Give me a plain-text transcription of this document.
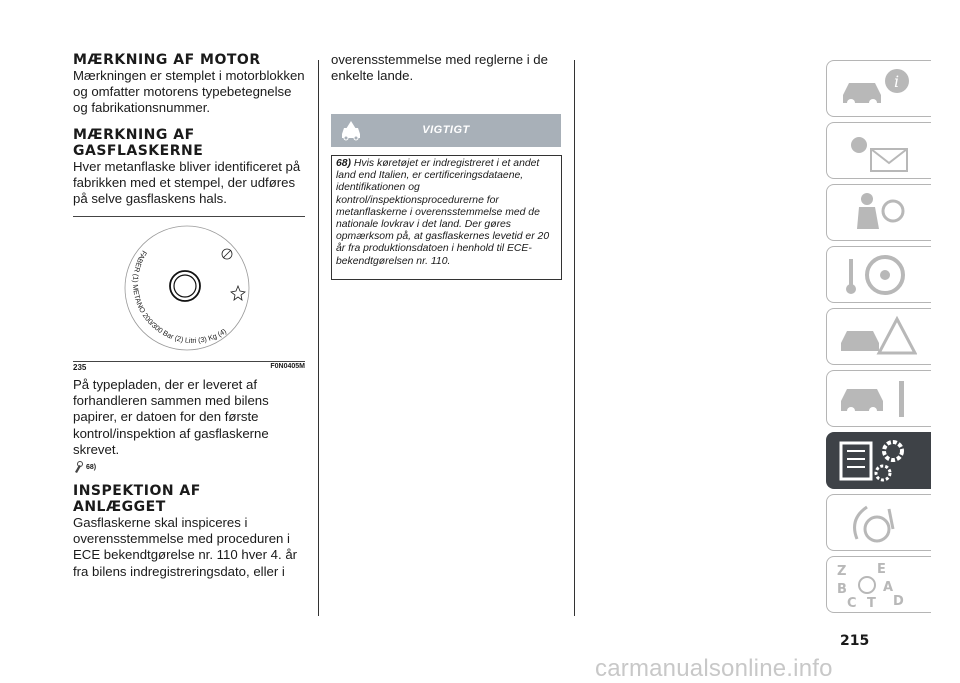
MÆRKNING AF MOTOR

Mærkningen er stemplet i motorblokken og omfatter motorens typebetegnelse og fabrikationsnummer.

MÆRKNING AF GASFLASKERNE

Hver metanflaske bliver identificeret på fabrikken med et stempel, der udføres på selve gasflaskens hals.

FABER (1) METANO 200/300 Bar (2) Litri (3) Kg (4)
235	F0N0405M

På typepladen, der er leveret af forhandleren sammen med bilens papirer, er datoen for den første kontrol/inspektion af gasflaskerne skrevet.

68)
INSPEKTION AF ANLÆGGET

Gasflaskerne skal inspiceres i overensstemmelse med proceduren i ECE bekendtgørelse nr. 110 hver 4. år fra bilens indregistreringsdato, eller i

overensstemmelse med reglerne i de enkelte lande.

VIGTIGT
68) Hvis køretøjet er indregistreret i et andet land end Italien, er certificeringsdataene, identifikationen og kontrol/inspektionsprocedurerne for metanflaskerne i overensstemmelse med de nationale lovkrav i det land. Der gøres opmærksom på, at gasflaskernes levetid er 20 år fra produktionsdatoen i henhold til ECE-bekendtgørelsen nr. 110.
i
Z E
B	A
C T D
215
carmanualsonline.info
